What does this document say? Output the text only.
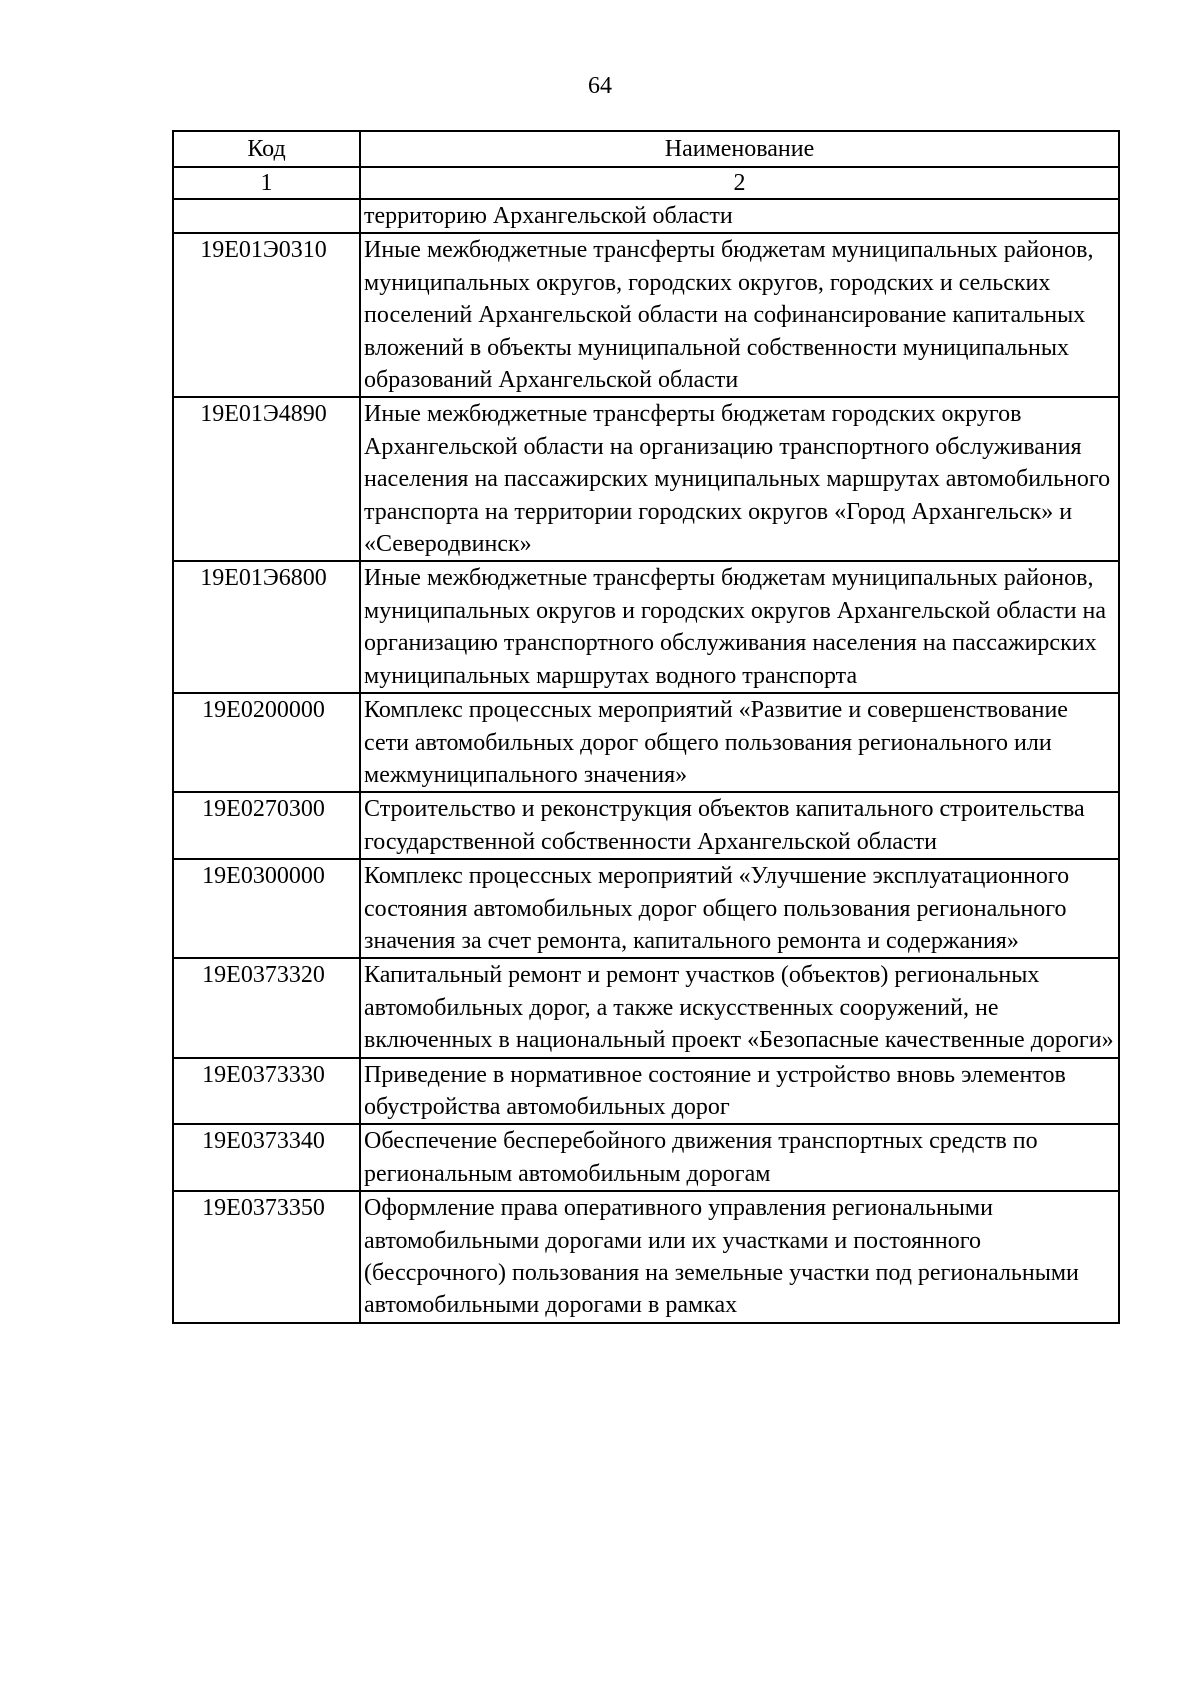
64
Код	Наименование
1	2
	территорию Архангельской области
19Е01Э0310	Иные межбюджетные трансферты бюджетам муниципальных районов, муниципальных округов, городских округов, городских и сельских поселений Архангельской области на софинансирование капитальных вложений в объекты муниципальной собственности муниципальных образований Архангельской области
19Е01Э4890	Иные межбюджетные трансферты бюджетам городских округов Архангельской области на организацию транспортного обслуживания населения на пассажирских муниципальных маршрутах автомобильного транспорта на территории городских округов «Город Архангельск» и «Северодвинск»
19Е01Э6800	Иные межбюджетные трансферты бюджетам муниципальных районов, муниципальных округов и городских округов Архангельской области на организацию транспортного обслуживания населения на пассажирских муниципальных маршрутах водного транспорта
19Е0200000	Комплекс процессных мероприятий «Развитие и совершенствование сети автомобильных дорог общего пользования регионального или межмуниципального значения»
19Е0270300	Строительство и реконструкция объектов капитального строительства государственной собственности Архангельской области
19Е0300000	Комплекс процессных мероприятий «Улучшение эксплуатационного состояния автомобильных дорог общего пользования регионального значения за счет ремонта, капитального ремонта и содержания»
19Е0373320	Капитальный ремонт и ремонт участков (объектов) региональных автомобильных дорог, а также искусственных сооружений, не включенных в национальный проект «Безопасные качественные дороги»
19Е0373330	Приведение в нормативное состояние и устройство вновь элементов обустройства автомобильных дорог
19Е0373340	Обеспечение бесперебойного движения транспортных средств по региональным автомобильным дорогам
19Е0373350	Оформление права оперативного управления региональными автомобильными дорогами или их участками и постоянного (бессрочного) пользования на земельные участки под региональными автомобильными дорогами в рамках
